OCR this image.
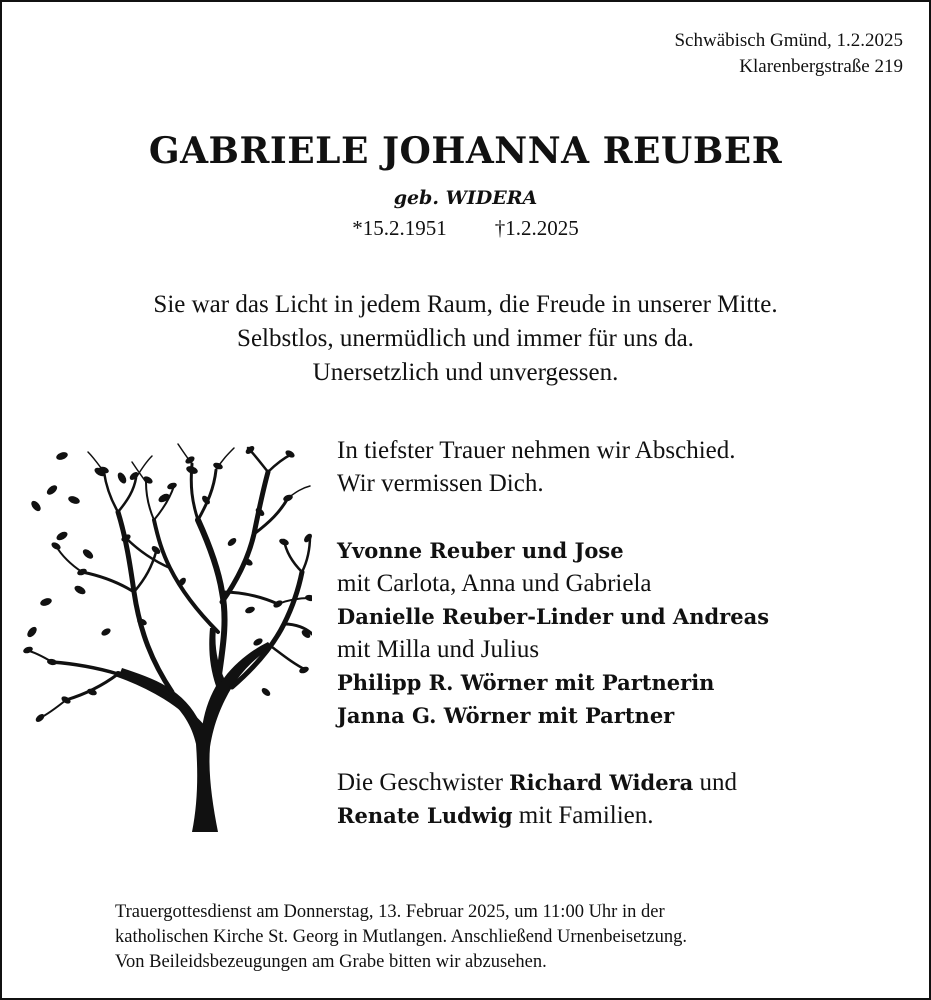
Schwäbisch Gmünd, 1.2.2025
Klarenbergstraße 219
GABRIELE JOHANNA REUBER
geb. WIDERA
*15.2.1951 †1.2.2025
Sie war das Licht in jedem Raum, die Freude in unserer Mitte.
Selbstlos, unermüdlich und immer für uns da.
Unersetzlich und unvergessen.
In tiefster Trauer nehmen wir Abschied.
Wir vermissen Dich.
Yvonne Reuber und Jose
mit Carlota, Anna und Gabriela
Danielle Reuber-Linder und Andreas
mit Milla und Julius
Philipp R. Wörner mit Partnerin
Janna G. Wörner mit Partner
Die Geschwister Richard Widera und
Renate Ludwig mit Familien.
Trauergottesdienst am Donnerstag, 13. Februar 2025, um 11:00 Uhr in der
katholischen Kirche St. Georg in Mutlangen. Anschließend Urnenbeisetzung.
Von Beileidsbezeugungen am Grabe bitten wir abzusehen.
